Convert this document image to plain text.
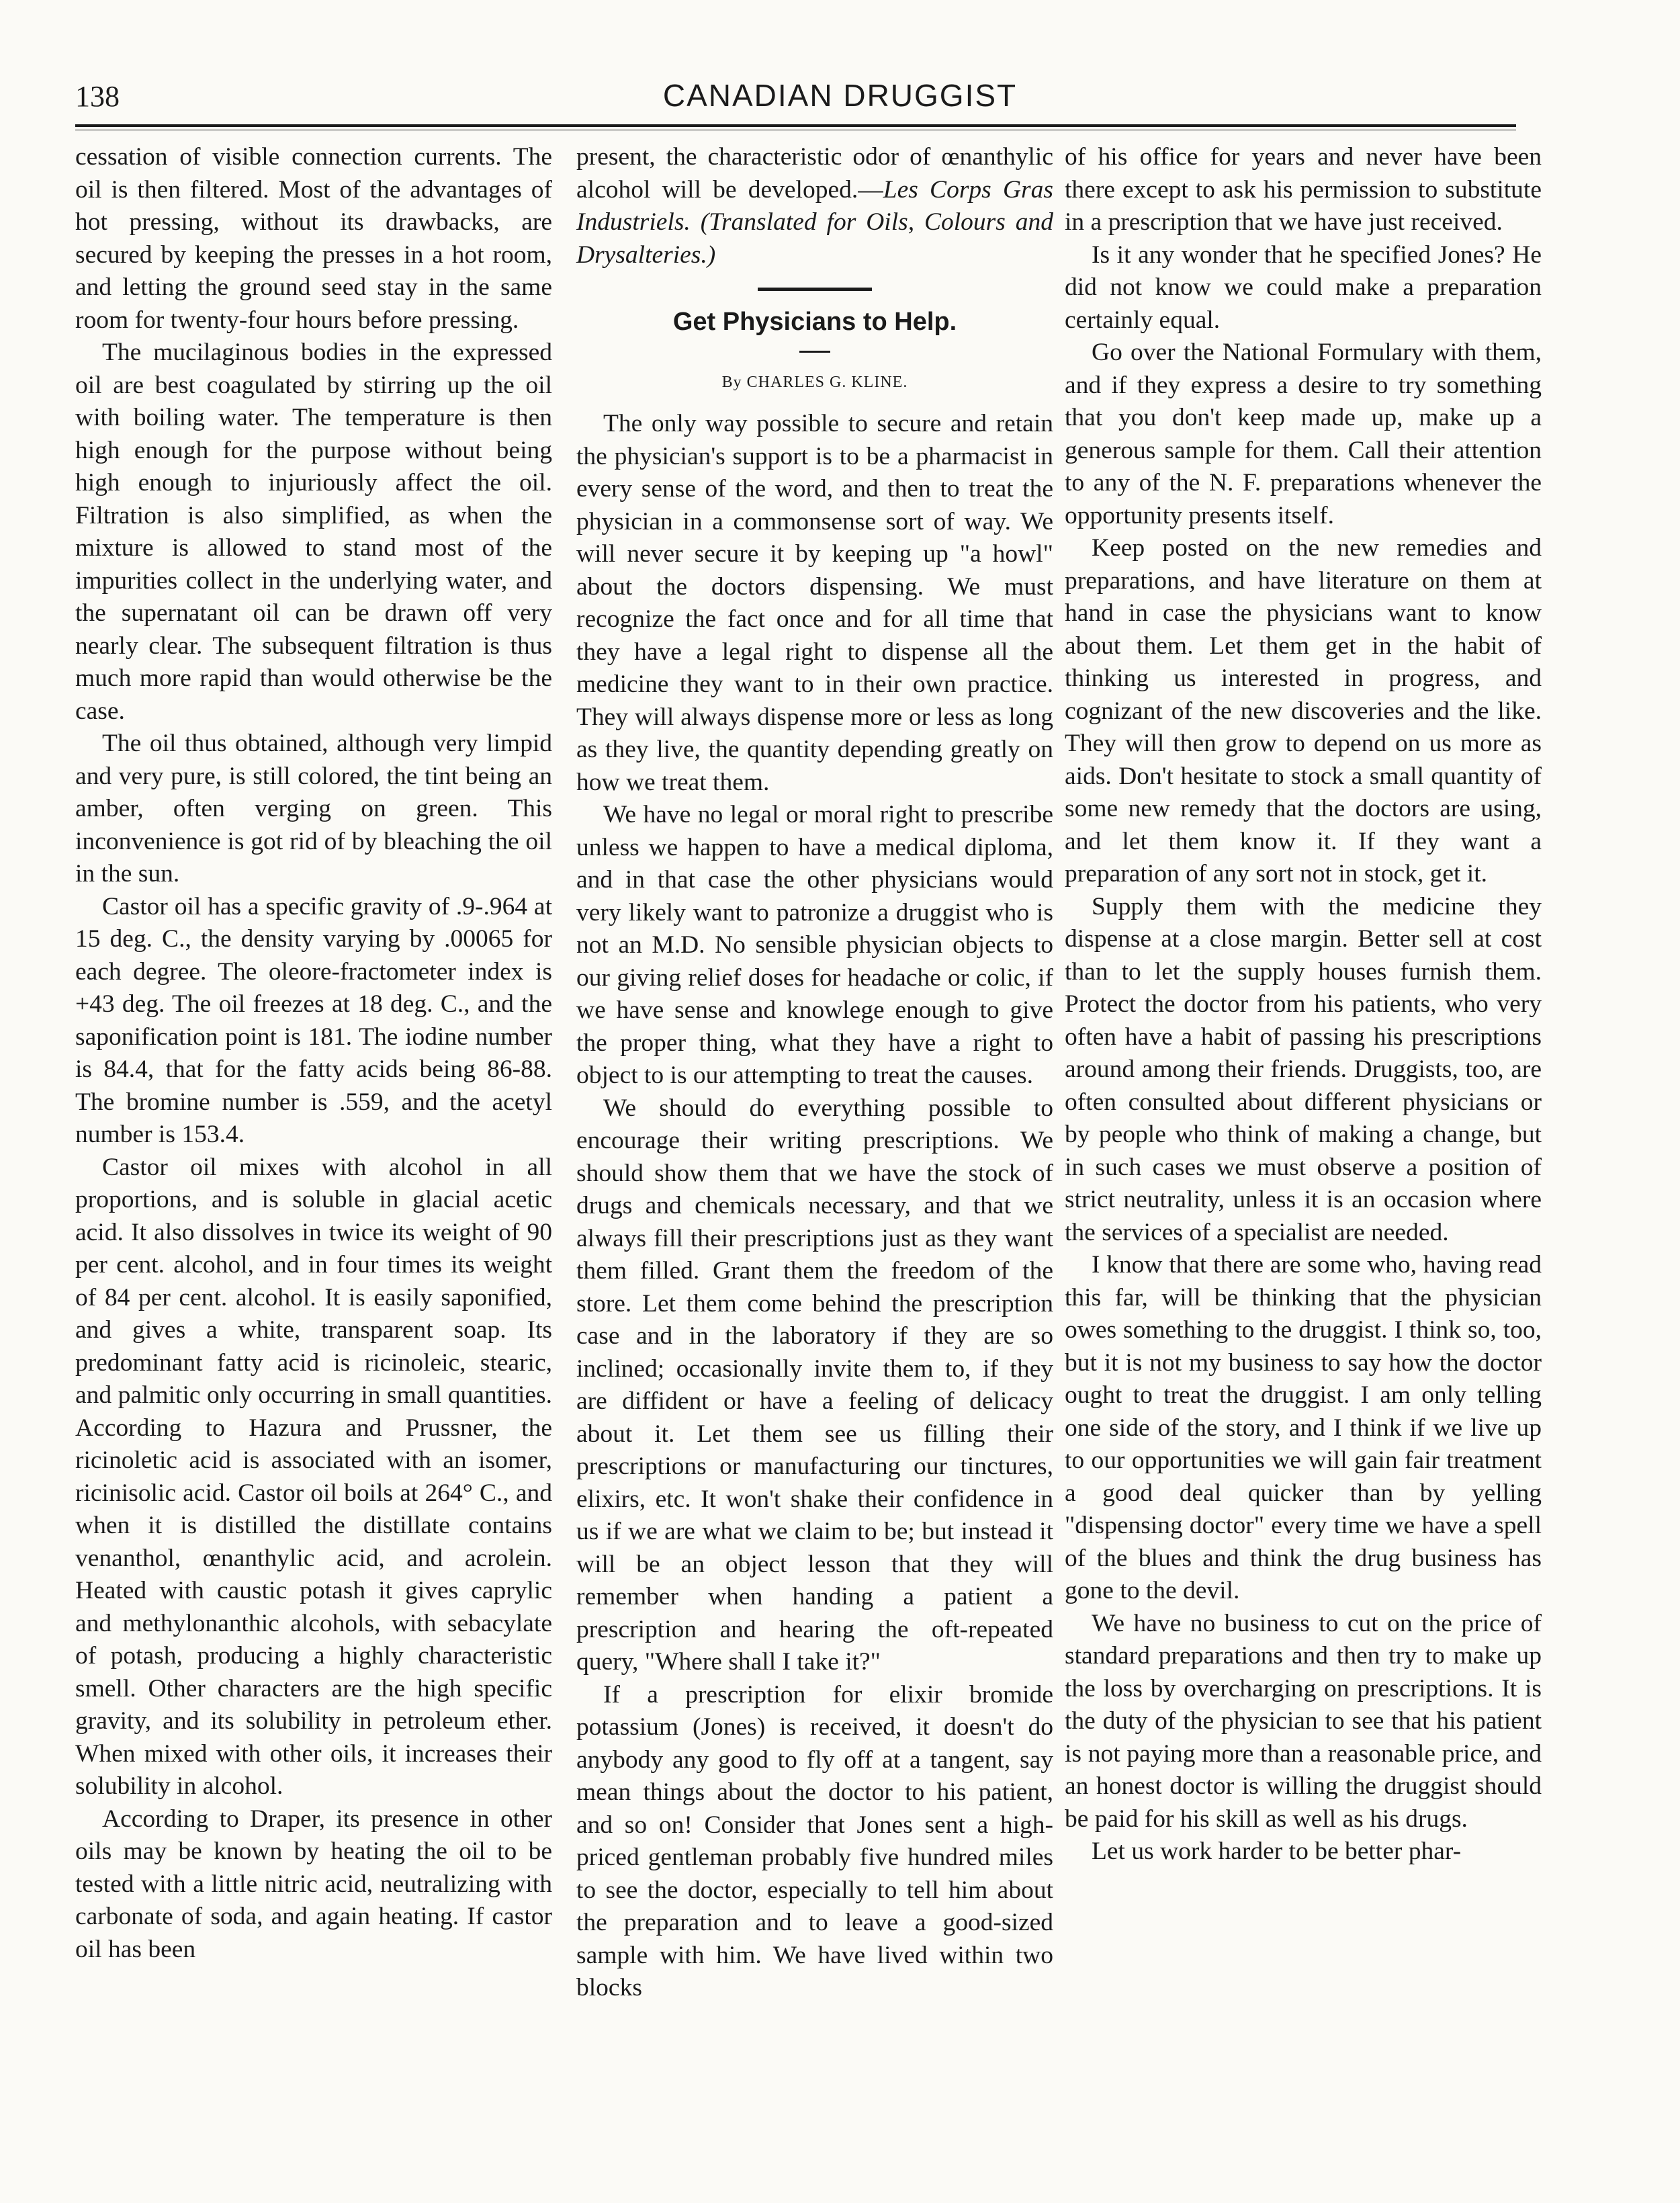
138	CANADIAN DRUGGIST

cessation of visible connection currents. The oil is then filtered. Most of the advantages of hot pressing, without its drawbacks, are secured by keeping the presses in a hot room, and letting the ground seed stay in the same room for twenty-four hours before pressing.

The mucilaginous bodies in the expressed oil are best coagulated by stirring up the oil with boiling water. The temperature is then high enough for the purpose without being high enough to injuriously affect the oil. Filtration is also simplified, as when the mixture is allowed to stand most of the impurities collect in the underlying water, and the supernatant oil can be drawn off very nearly clear. The subsequent filtration is thus much more rapid than would otherwise be the case.

The oil thus obtained, although very limpid and very pure, is still colored, the tint being an amber, often verging on green. This inconvenience is got rid of by bleaching the oil in the sun.

Castor oil has a specific gravity of .9-.964 at 15 deg. C., the density varying by .00065 for each degree. The oleore-fractometer index is +43 deg. The oil freezes at 18 deg. C., and the saponification point is 181. The iodine number is 84.4, that for the fatty acids being 86-88. The bromine number is .559, and the acetyl number is 153.4.

Castor oil mixes with alcohol in all proportions, and is soluble in glacial acetic acid. It also dissolves in twice its weight of 90 per cent. alcohol, and in four times its weight of 84 per cent. alcohol. It is easily saponified, and gives a white, transparent soap. Its predominant fatty acid is ricinoleic, stearic, and palmitic only occurring in small quantities. According to Hazura and Prussner, the ricinoletic acid is associated with an isomer, ricinisolic acid. Castor oil boils at 264° C., and when it is distilled the distillate contains venanthol, œnanthylic acid, and acrolein. Heated with caustic potash it gives caprylic and methylonanthic alcohols, with sebacylate of potash, producing a highly characteristic smell. Other characters are the high specific gravity, and its solubility in petroleum ether. When mixed with other oils, it increases their solubility in alcohol.

According to Draper, its presence in other oils may be known by heating the oil to be tested with a little nitric acid, neutralizing with carbonate of soda, and again heating. If castor oil has been

present, the characteristic odor of œnanthylic alcohol will be developed.—Les Corps Gras Industriels. (Translated for Oils, Colours and Drysalteries.)

Get Physicians to Help.
By CHARLES G. KLINE.

The only way possible to secure and retain the physician's support is to be a pharmacist in every sense of the word, and then to treat the physician in a commonsense sort of way. We will never secure it by keeping up "a howl" about the doctors dispensing. We must recognize the fact once and for all time that they have a legal right to dispense all the medicine they want to in their own practice. They will always dispense more or less as long as they live, the quantity depending greatly on how we treat them.

We have no legal or moral right to prescribe unless we happen to have a medical diploma, and in that case the other physicians would very likely want to patronize a druggist who is not an M.D. No sensible physician objects to our giving relief doses for headache or colic, if we have sense and knowlege enough to give the proper thing, what they have a right to object to is our attempting to treat the causes.

We should do everything possible to encourage their writing prescriptions. We should show them that we have the stock of drugs and chemicals necessary, and that we always fill their prescriptions just as they want them filled. Grant them the freedom of the store. Let them come behind the prescription case and in the laboratory if they are so inclined; occasionally invite them to, if they are diffident or have a feeling of delicacy about it. Let them see us filling their prescriptions or manufacturing our tinctures, elixirs, etc. It won't shake their confidence in us if we are what we claim to be; but instead it will be an object lesson that they will remember when handing a patient a prescription and hearing the oft-repeated query, "Where shall I take it?"

If a prescription for elixir bromide potassium (Jones) is received, it doesn't do anybody any good to fly off at a tangent, say mean things about the doctor to his patient, and so on! Consider that Jones sent a high-priced gentleman probably five hundred miles to see the doctor, especially to tell him about the preparation and to leave a good-sized sample with him. We have lived within two blocks

of his office for years and never have been there except to ask his permission to substitute in a prescription that we have just received.

Is it any wonder that he specified Jones? He did not know we could make a preparation certainly equal.

Go over the National Formulary with them, and if they express a desire to try something that you don't keep made up, make up a generous sample for them. Call their attention to any of the N. F. preparations whenever the opportunity presents itself.

Keep posted on the new remedies and preparations, and have literature on them at hand in case the physicians want to know about them. Let them get in the habit of thinking us interested in progress, and cognizant of the new discoveries and the like. They will then grow to depend on us more as aids. Don't hesitate to stock a small quantity of some new remedy that the doctors are using, and let them know it. If they want a preparation of any sort not in stock, get it.

Supply them with the medicine they dispense at a close margin. Better sell at cost than to let the supply houses furnish them. Protect the doctor from his patients, who very often have a habit of passing his prescriptions around among their friends. Druggists, too, are often consulted about different physicians or by people who think of making a change, but in such cases we must observe a position of strict neutrality, unless it is an occasion where the services of a specialist are needed.

I know that there are some who, having read this far, will be thinking that the physician owes something to the druggist. I think so, too, but it is not my business to say how the doctor ought to treat the druggist. I am only telling one side of the story, and I think if we live up to our opportunities we will gain fair treatment a good deal quicker than by yelling "dispensing doctor" every time we have a spell of the blues and think the drug business has gone to the devil.

We have no business to cut on the price of standard preparations and then try to make up the loss by overcharging on prescriptions. It is the duty of the physician to see that his patient is not paying more than a reasonable price, and an honest doctor is willing the druggist should be paid for his skill as well as his drugs.

Let us work harder to be better phar-
